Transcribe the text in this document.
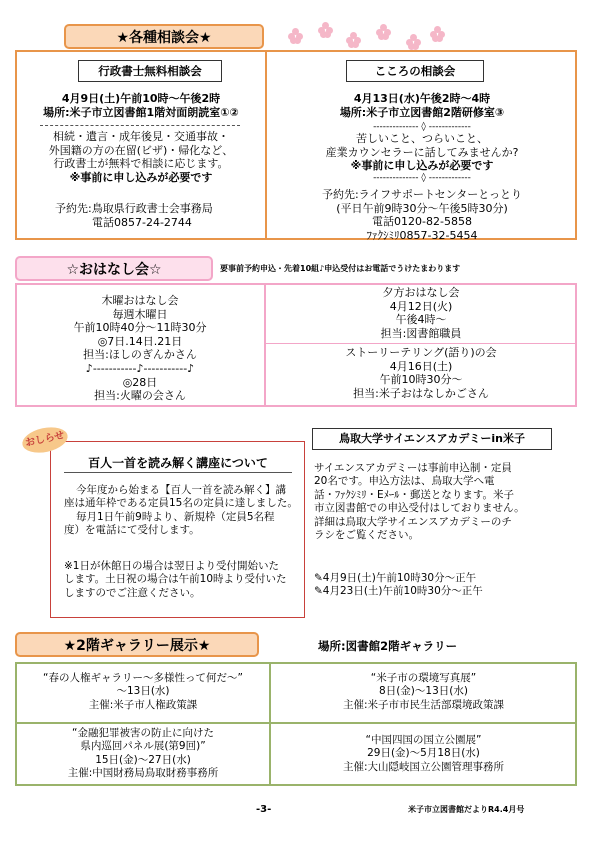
★各種相談会★
行政書士無料相談会
4月9日(土)午前10時～午後2時
場所:米子市立図書館1階対面朗読室①②
相続・遺言・成年後見・交通事故・
外国籍の方の在留(ビザ)・帰化など、
行政書士が無料で相談に応じます。
※事前に申し込みが必要です
予約先:鳥取県行政書士会事務局
電話0857-24-2744
こころの相談会
4月13日(水)午後2時～4時
場所:米子市立図書館2階研修室③
-------------- ◊ -------------
苦しいこと、つらいこと、
産業カウンセラーに話してみませんか?
※事前に申し込みが必要です
-------------- ◊ -------------
予約先:ライフサポートセンターとっとり
(平日午前9時30分～午後5時30分)
電話0120-82-5858
ﾌｧｸｼﾐﾘ0857-32-5454
☆おはなし会☆	要事前予約申込・先着10組♪申込受付はお電話でうけたまわります
木曜おはなし会
毎週木曜日
午前10時40分～11時30分
◎7日.14日.21日
担当:ほしのぎんかさん
♪-----------♪-----------♪
◎28日
担当:火曜の会さん
夕方おはなし会
4月12日(火)
午後4時～
担当:図書館職員
ストーリーテリング(語り)の会
4月16日(土)
午前10時30分～
担当:米子おはなしかごさん
おしらせ
百人一首を読み解く講座について
今年度から始まる【百人一首を読み解く】講
座は通年枠である定員15名の定員に達しました。
毎月1日午前9時より、新規枠（定員5名程
度）を電話にて受付します。
※1日が休館日の場合は翌日より受付開始いた
します。土日祝の場合は午前10時より受付いた
しますのでご注意ください。
鳥取大学サイエンスアカデミーin米子
サイエンスアカデミーは事前申込制・定員
20名です。申込方法は、鳥取大学へ電
話・ﾌｧｸｼﾐﾘ・Eﾒｰﾙ・郵送となります。米子
市立図書館での申込受付はしておりません。
詳細は鳥取大学サイエンスアカデミーのチ
ラシをご覧ください。
✎4月9日(土)午前10時30分～正午
✎4月23日(土)午前10時30分～正午
★2階ギャラリー展示★	場所:図書館2階ギャラリー
“春の人権ギャラリー～多様性って何だ～”
～13日(水)
主催:米子市人権政策課
“米子市の環境写真展”
8日(金)～13日(水)
主催:米子市市民生活部環境政策課
“金融犯罪被害の防止に向けた
県内巡回パネル展(第9回)”
15日(金)～27日(水)
主催:中国財務局鳥取財務事務所
“中国四国の国立公園展”
29日(金)～5月18日(水)
主催:大山隠岐国立公園管理事務所
-3-	米子市立図書館だよりR4.4月号
